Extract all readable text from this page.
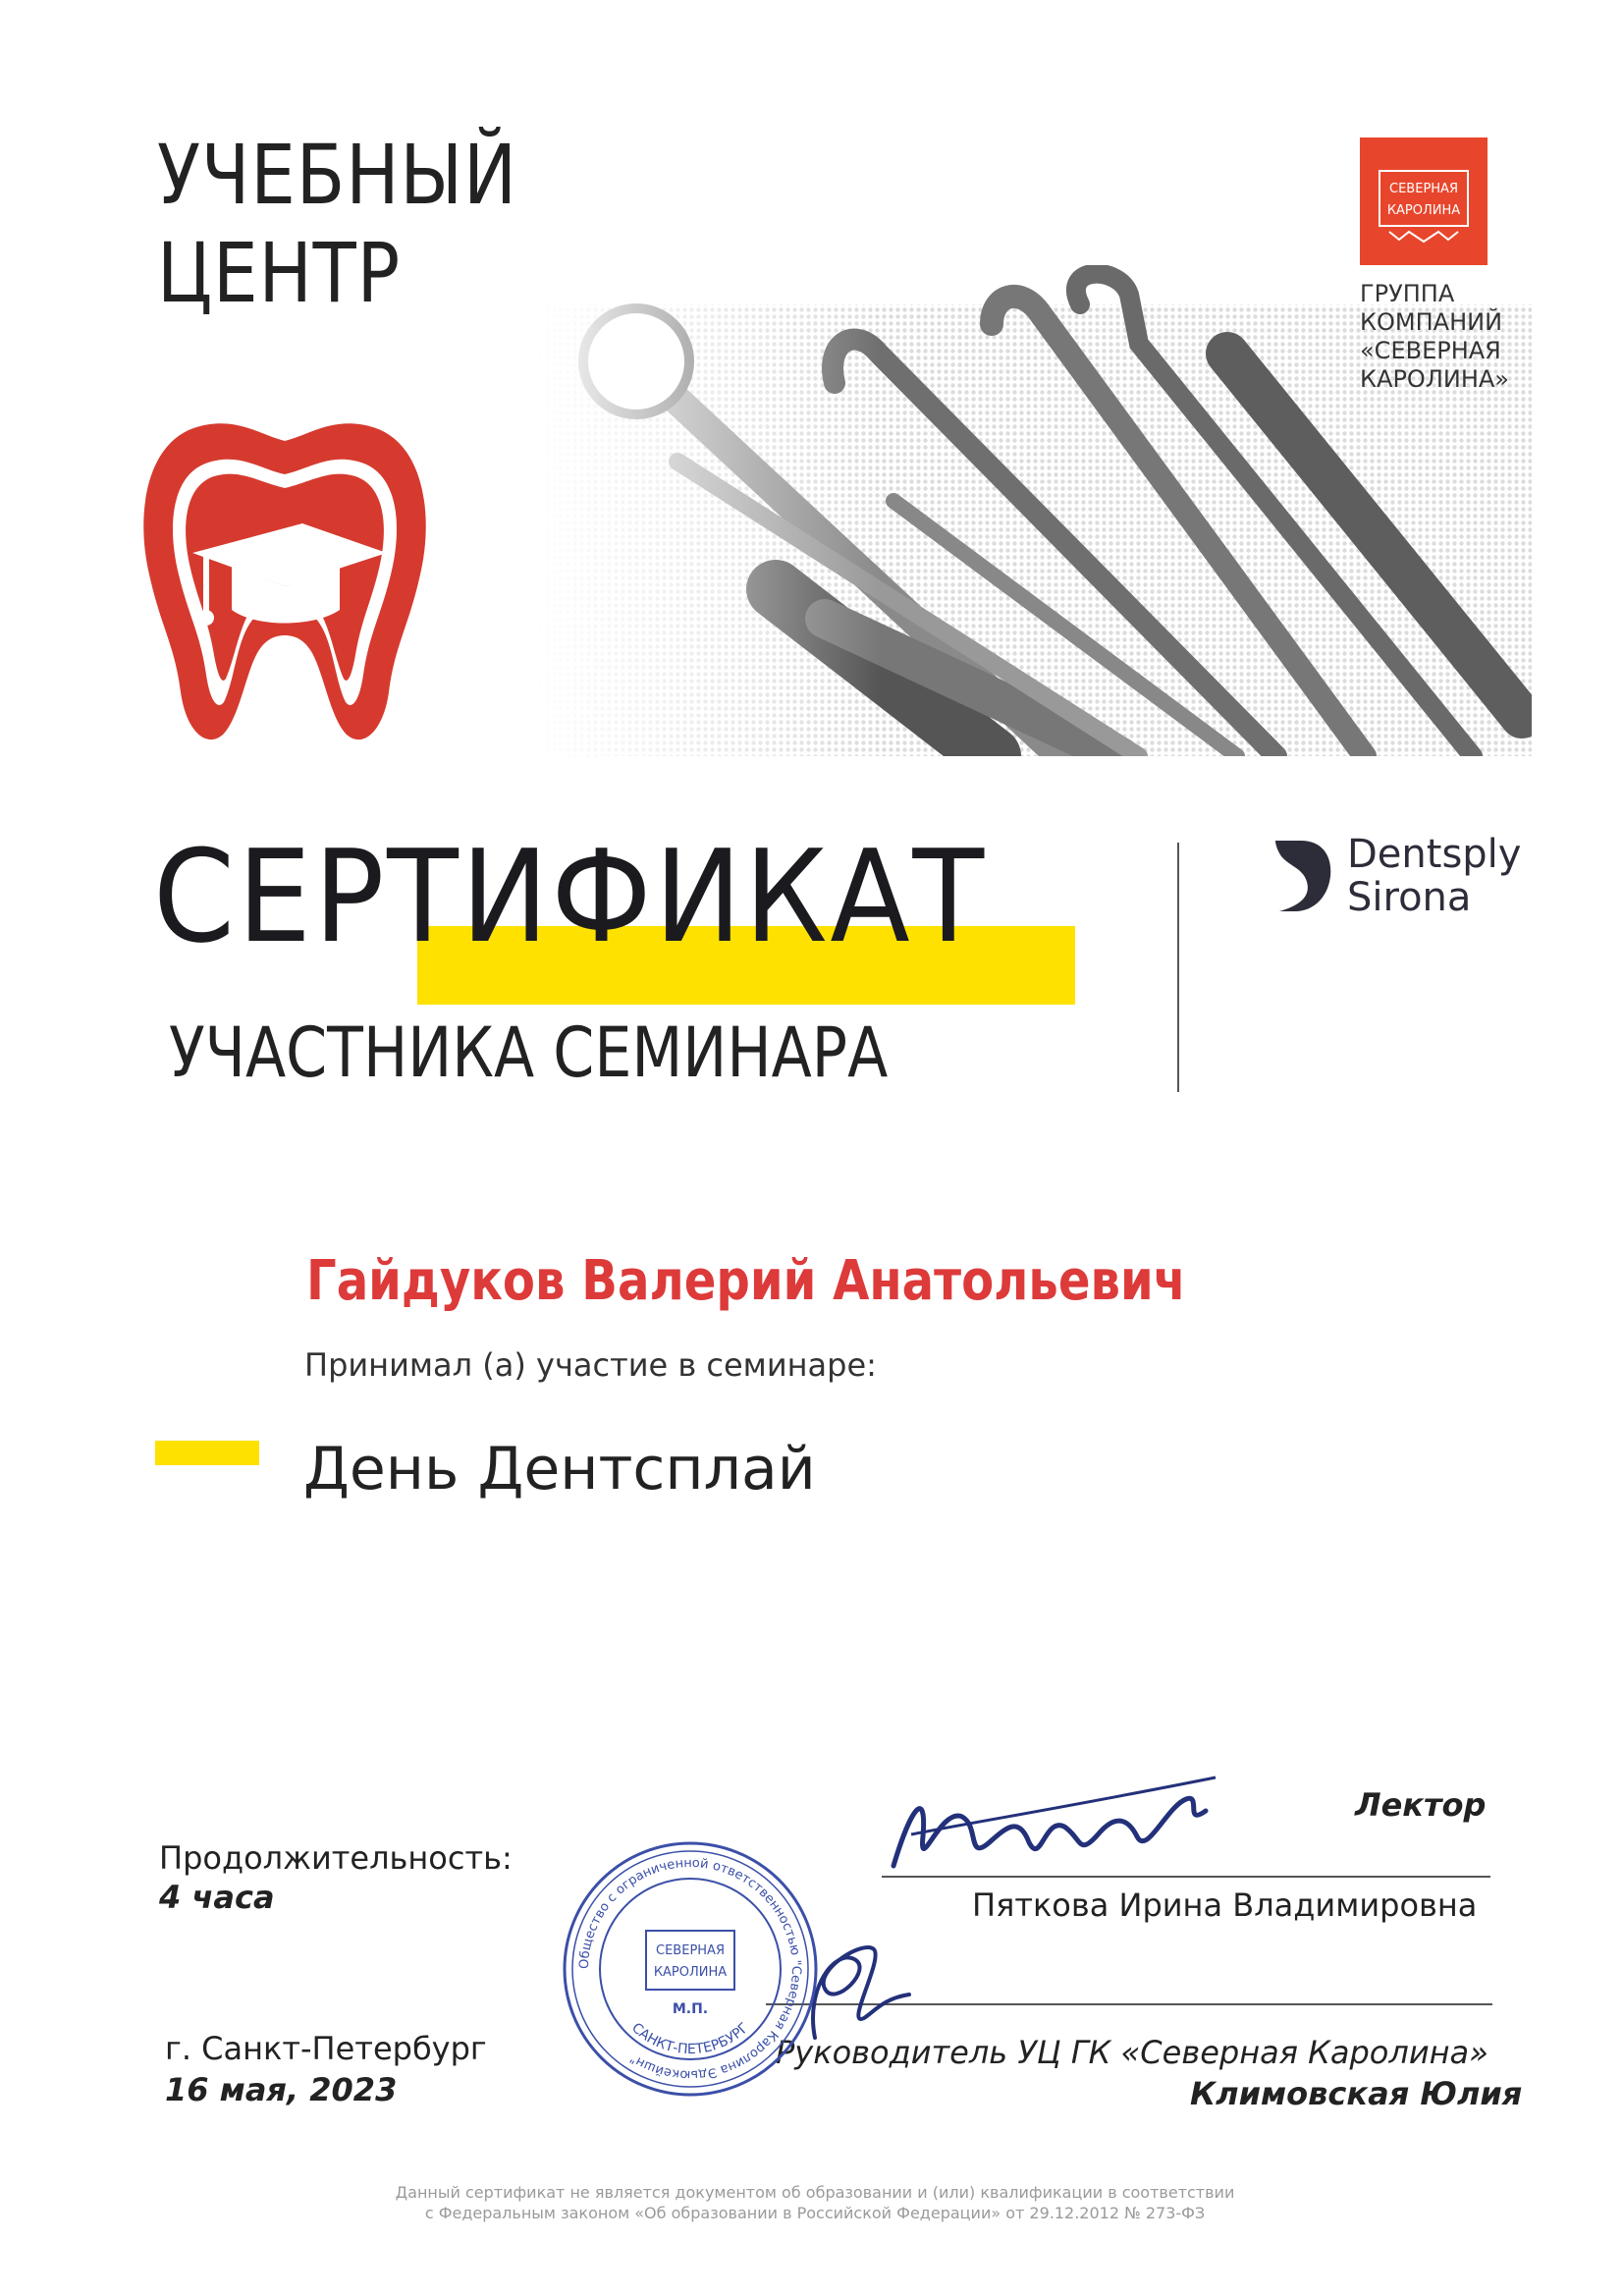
УЧЕБНЫЙ
ЦЕНТР
СЕВЕРНАЯ
КАРОЛИНА
ГРУППА
КОМПАНИЙ
«СЕВЕРНАЯ
КАРОЛИНА»
СЕРТИФИКАТ
УЧАСТНИКА СЕМИНАРА
Dentsply
Sirona
Гайдуков Валерий Анатольевич
Принимал (а) участие в семинаре:
День Дентсплай
Продолжительность:
4 часа
г. Санкт-Петербург
16 мая, 2023
Лектор
Пяткова Ирина Владимировна
Руководитель УЦ ГК «Северная Каролина»
Климовская Юлия
Общество с ограниченной ответственностью "Северная Каролина Эдьюкейшн"
САНКТ-ПЕТЕРБУРГ
СЕВЕРНАЯ
КАРОЛИНА
М.П.
Данный сертификат не является документом об образовании и (или) квалификации в соответствии
с Федеральным законом «Об образовании в Российской Федерации» от 29.12.2012 № 273-ФЗ
